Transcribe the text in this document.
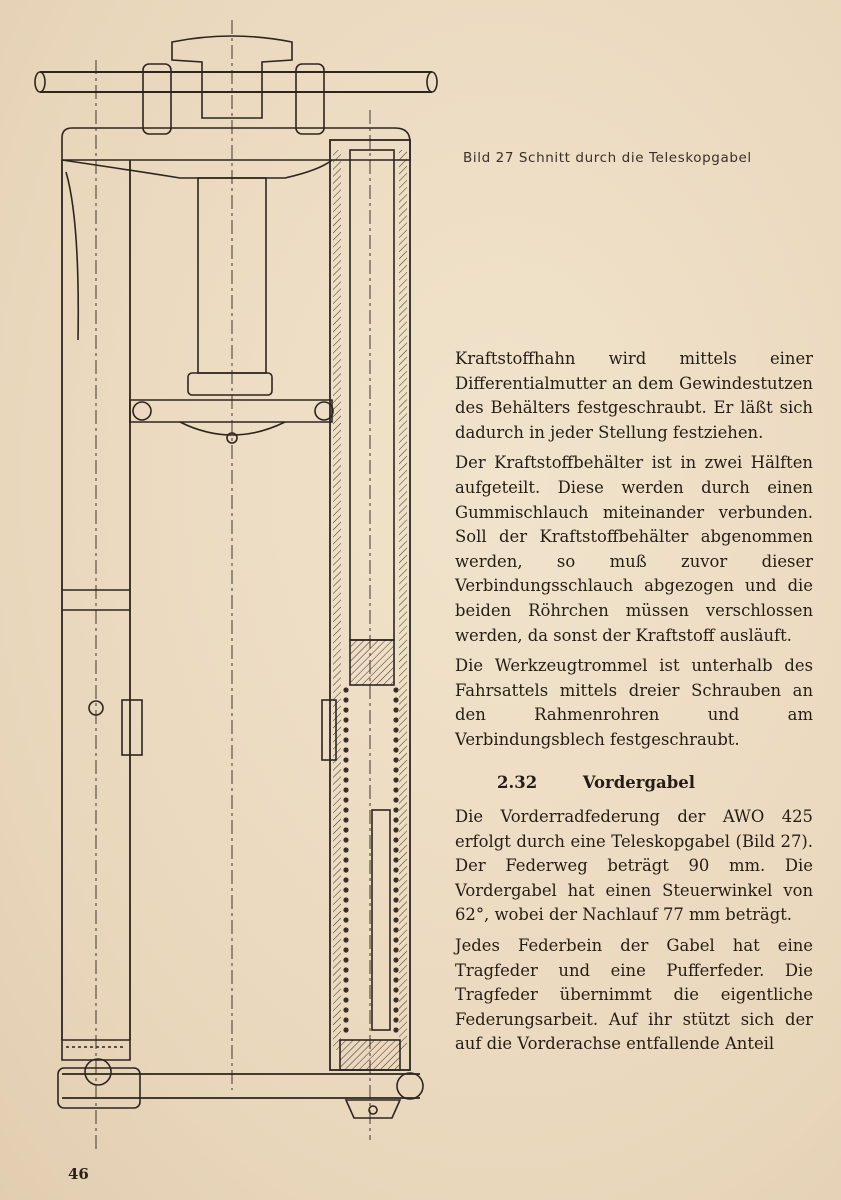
Bild 27 Schnitt durch die Teleskopgabel

Kraftstoffhahn wird mittels einer Differentialmutter an dem Gewindestutzen des Behälters festgeschraubt. Er läßt sich dadurch in jeder Stellung festziehen.

Der Kraftstoffbehälter ist in zwei Hälften aufgeteilt. Diese werden durch einen Gummischlauch miteinander verbunden. Soll der Kraftstoffbehälter abgenommen werden, so muß zuvor dieser Verbindungsschlauch abgezogen und die beiden Röhrchen müssen verschlossen werden, da sonst der Kraftstoff ausläuft.

Die Werkzeugtrommel ist unterhalb des Fahrsattels mittels dreier Schrauben an den Rahmenrohren und am Verbindungsblech festgeschraubt.

2.32	Vordergabel

Die Vorderradfederung der AWO 425 erfolgt durch eine Teleskopgabel (Bild 27). Der Federweg beträgt 90 mm. Die Vordergabel hat einen Steuerwinkel von 62°, wobei der Nachlauf 77 mm beträgt.

Jedes Federbein der Gabel hat eine Tragfeder und eine Pufferfeder. Die Tragfeder übernimmt die eigentliche Federungsarbeit. Auf ihr stützt sich der auf die Vorderachse entfallende Anteil

46
